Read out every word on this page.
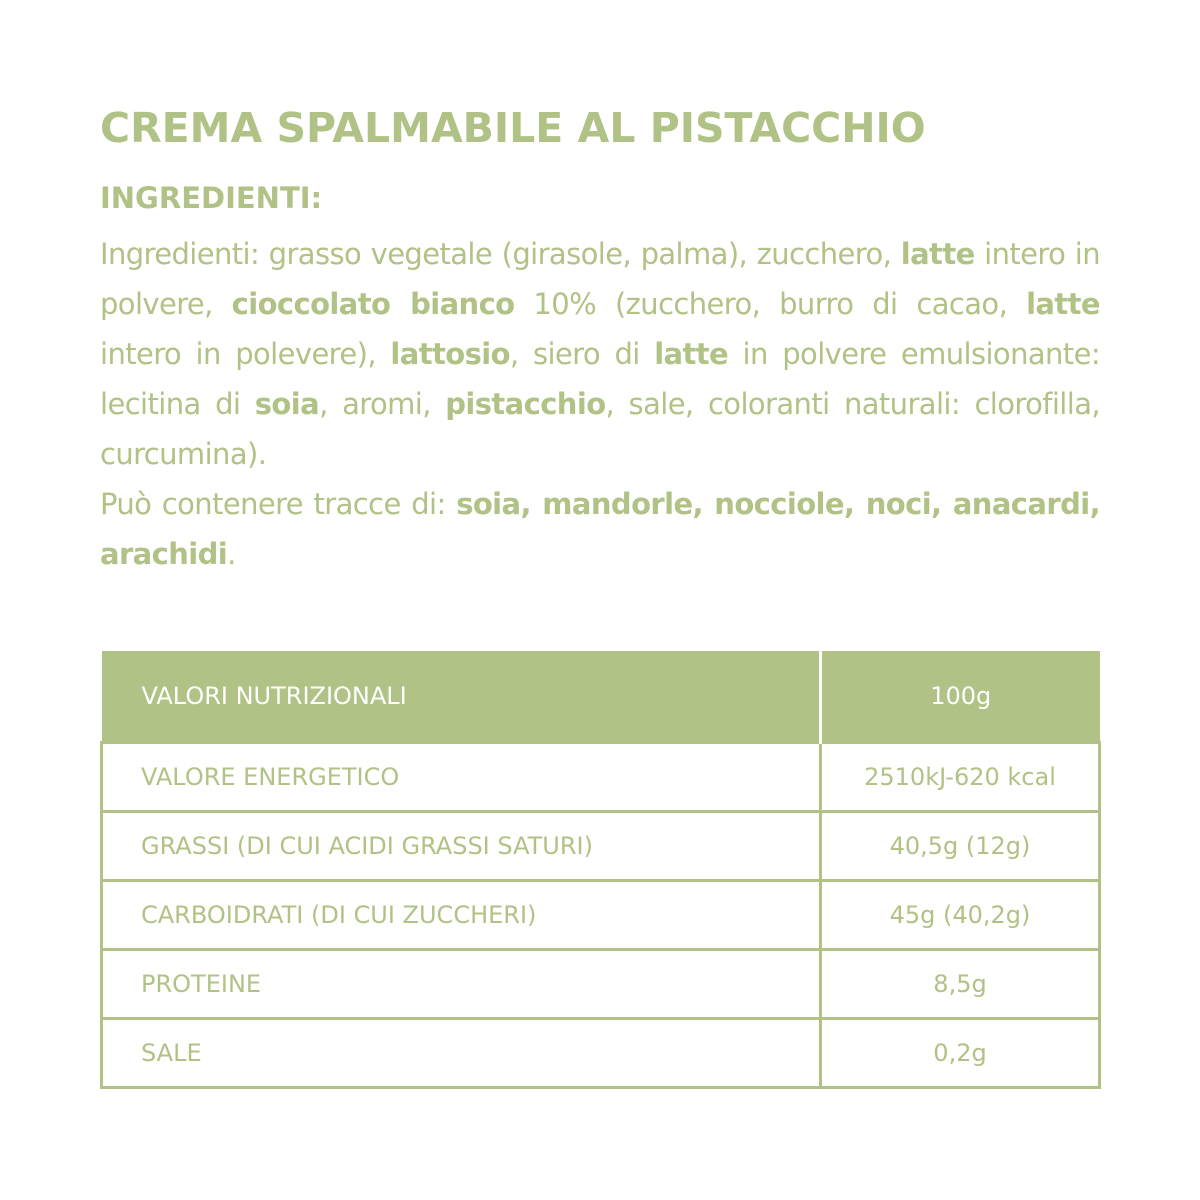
CREMA SPALMABILE AL PISTACCHIO
INGREDIENTI:

Ingredienti: grasso vegetale (girasole, palma), zucchero, latte intero in polvere, cioccolato bianco 10% (zucchero, burro di cacao, latte intero in polevere), lattosio, siero di latte in polvere emulsionante: lecitina di soia, aromi, pistacchio, sale, coloranti naturali: clorofilla, curcumina).

Può contenere tracce di: soia, mandorle, nocciole, noci, anacardi, arachidi.

VALORI NUTRIZIONALI	100g
VALORE ENERGETICO	2510kJ-620 kcal
GRASSI (DI CUI ACIDI GRASSI SATURI)	40,5g (12g)
CARBOIDRATI (DI CUI ZUCCHERI)	45g (40,2g)
PROTEINE	8,5g
SALE	0,2g
